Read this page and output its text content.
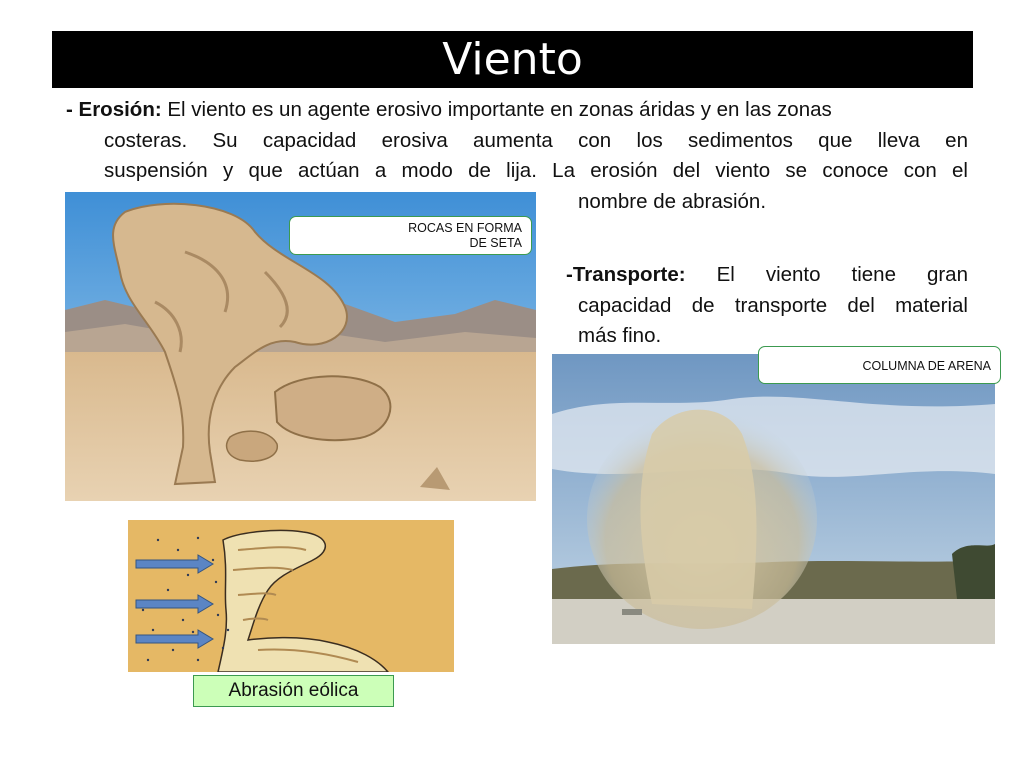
Viento
- Erosión: El viento es un agente erosivo importante en zonas áridas y en las zonas
costeras. Su capacidad erosiva aumenta con los sedimentos que lleva en
suspensión y que actúan a modo de lija. La erosión del viento se conoce con el
nombre de abrasión.
-Transporte: El viento tiene gran
capacidad de transporte del material
más fino.
ROCAS EN FORMA
DE SETA
COLUMNA DE ARENA
Abrasión eólica
